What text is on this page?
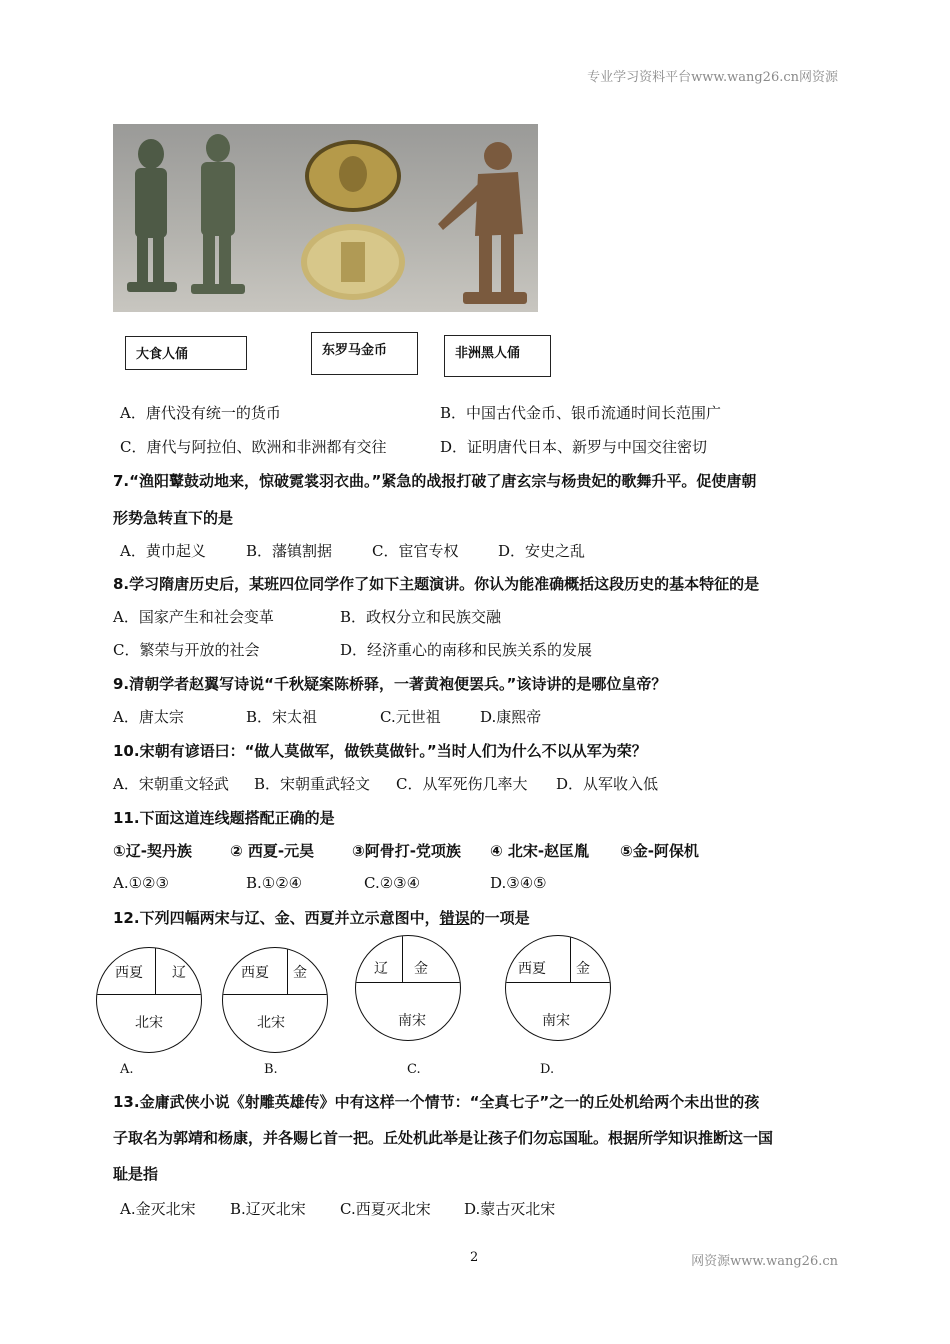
专业学习资料平台www.wang26.cn网资源
大食人俑	东罗马金币	非洲黑人俑
A．唐代没有统一的货币	B．中国古代金币、银币流通时间长范围广
C．唐代与阿拉伯、欧洲和非洲都有交往	D．证明唐代日本、新罗与中国交往密切
7.“渔阳鼙鼓动地来，惊破霓裳羽衣曲。”紧急的战报打破了唐玄宗与杨贵妃的歌舞升平。促使唐朝
形势急转直下的是
A．黄巾起义	B．藩镇割据	C．宦官专权	D．安史之乱
8.学习隋唐历史后，某班四位同学作了如下主题演讲。你认为能准确概括这段历史的基本特征的是
A．国家产生和社会变革	B．政权分立和民族交融
C．繁荣与开放的社会	D．经济重心的南移和民族关系的发展
9.清朝学者赵翼写诗说“千秋疑案陈桥驿，一著黄袍便罢兵。”该诗讲的是哪位皇帝？
A．唐太宗	B．宋太祖	C.元世祖	D.康熙帝
10.宋朝有谚语曰：“做人莫做军，做铁莫做针。”当时人们为什么不以从军为荣？
A．宋朝重文轻武 B．宋朝重武轻文 C．从军死伤几率大 D．从军收入低
11.下面这道连线题搭配正确的是
①辽-契丹族	② 西夏-元昊	③阿骨打-党项族 ④ 北宋-赵匡胤 ⑤金-阿保机
A.①②③	B.①②④	C.②③④	D.③④⑤
12.下列四幅两宋与辽、金、西夏并立示意图中，错误的一项是
西夏 辽
北宋
西夏 金
北宋
辽 金
南宋
西夏 金
南宋
A.	B.	C.	D.
13.金庸武侠小说《射雕英雄传》中有这样一个情节：“全真七子”之一的丘处机给两个未出世的孩
子取名为郭靖和杨康，并各赐匕首一把。丘处机此举是让孩子们勿忘国耻。根据所学知识推断这一国
耻是指
A.金灭北宋 B.辽灭北宋 C.西夏灭北宋 D.蒙古灭北宋
2	网资源www.wang26.cn
